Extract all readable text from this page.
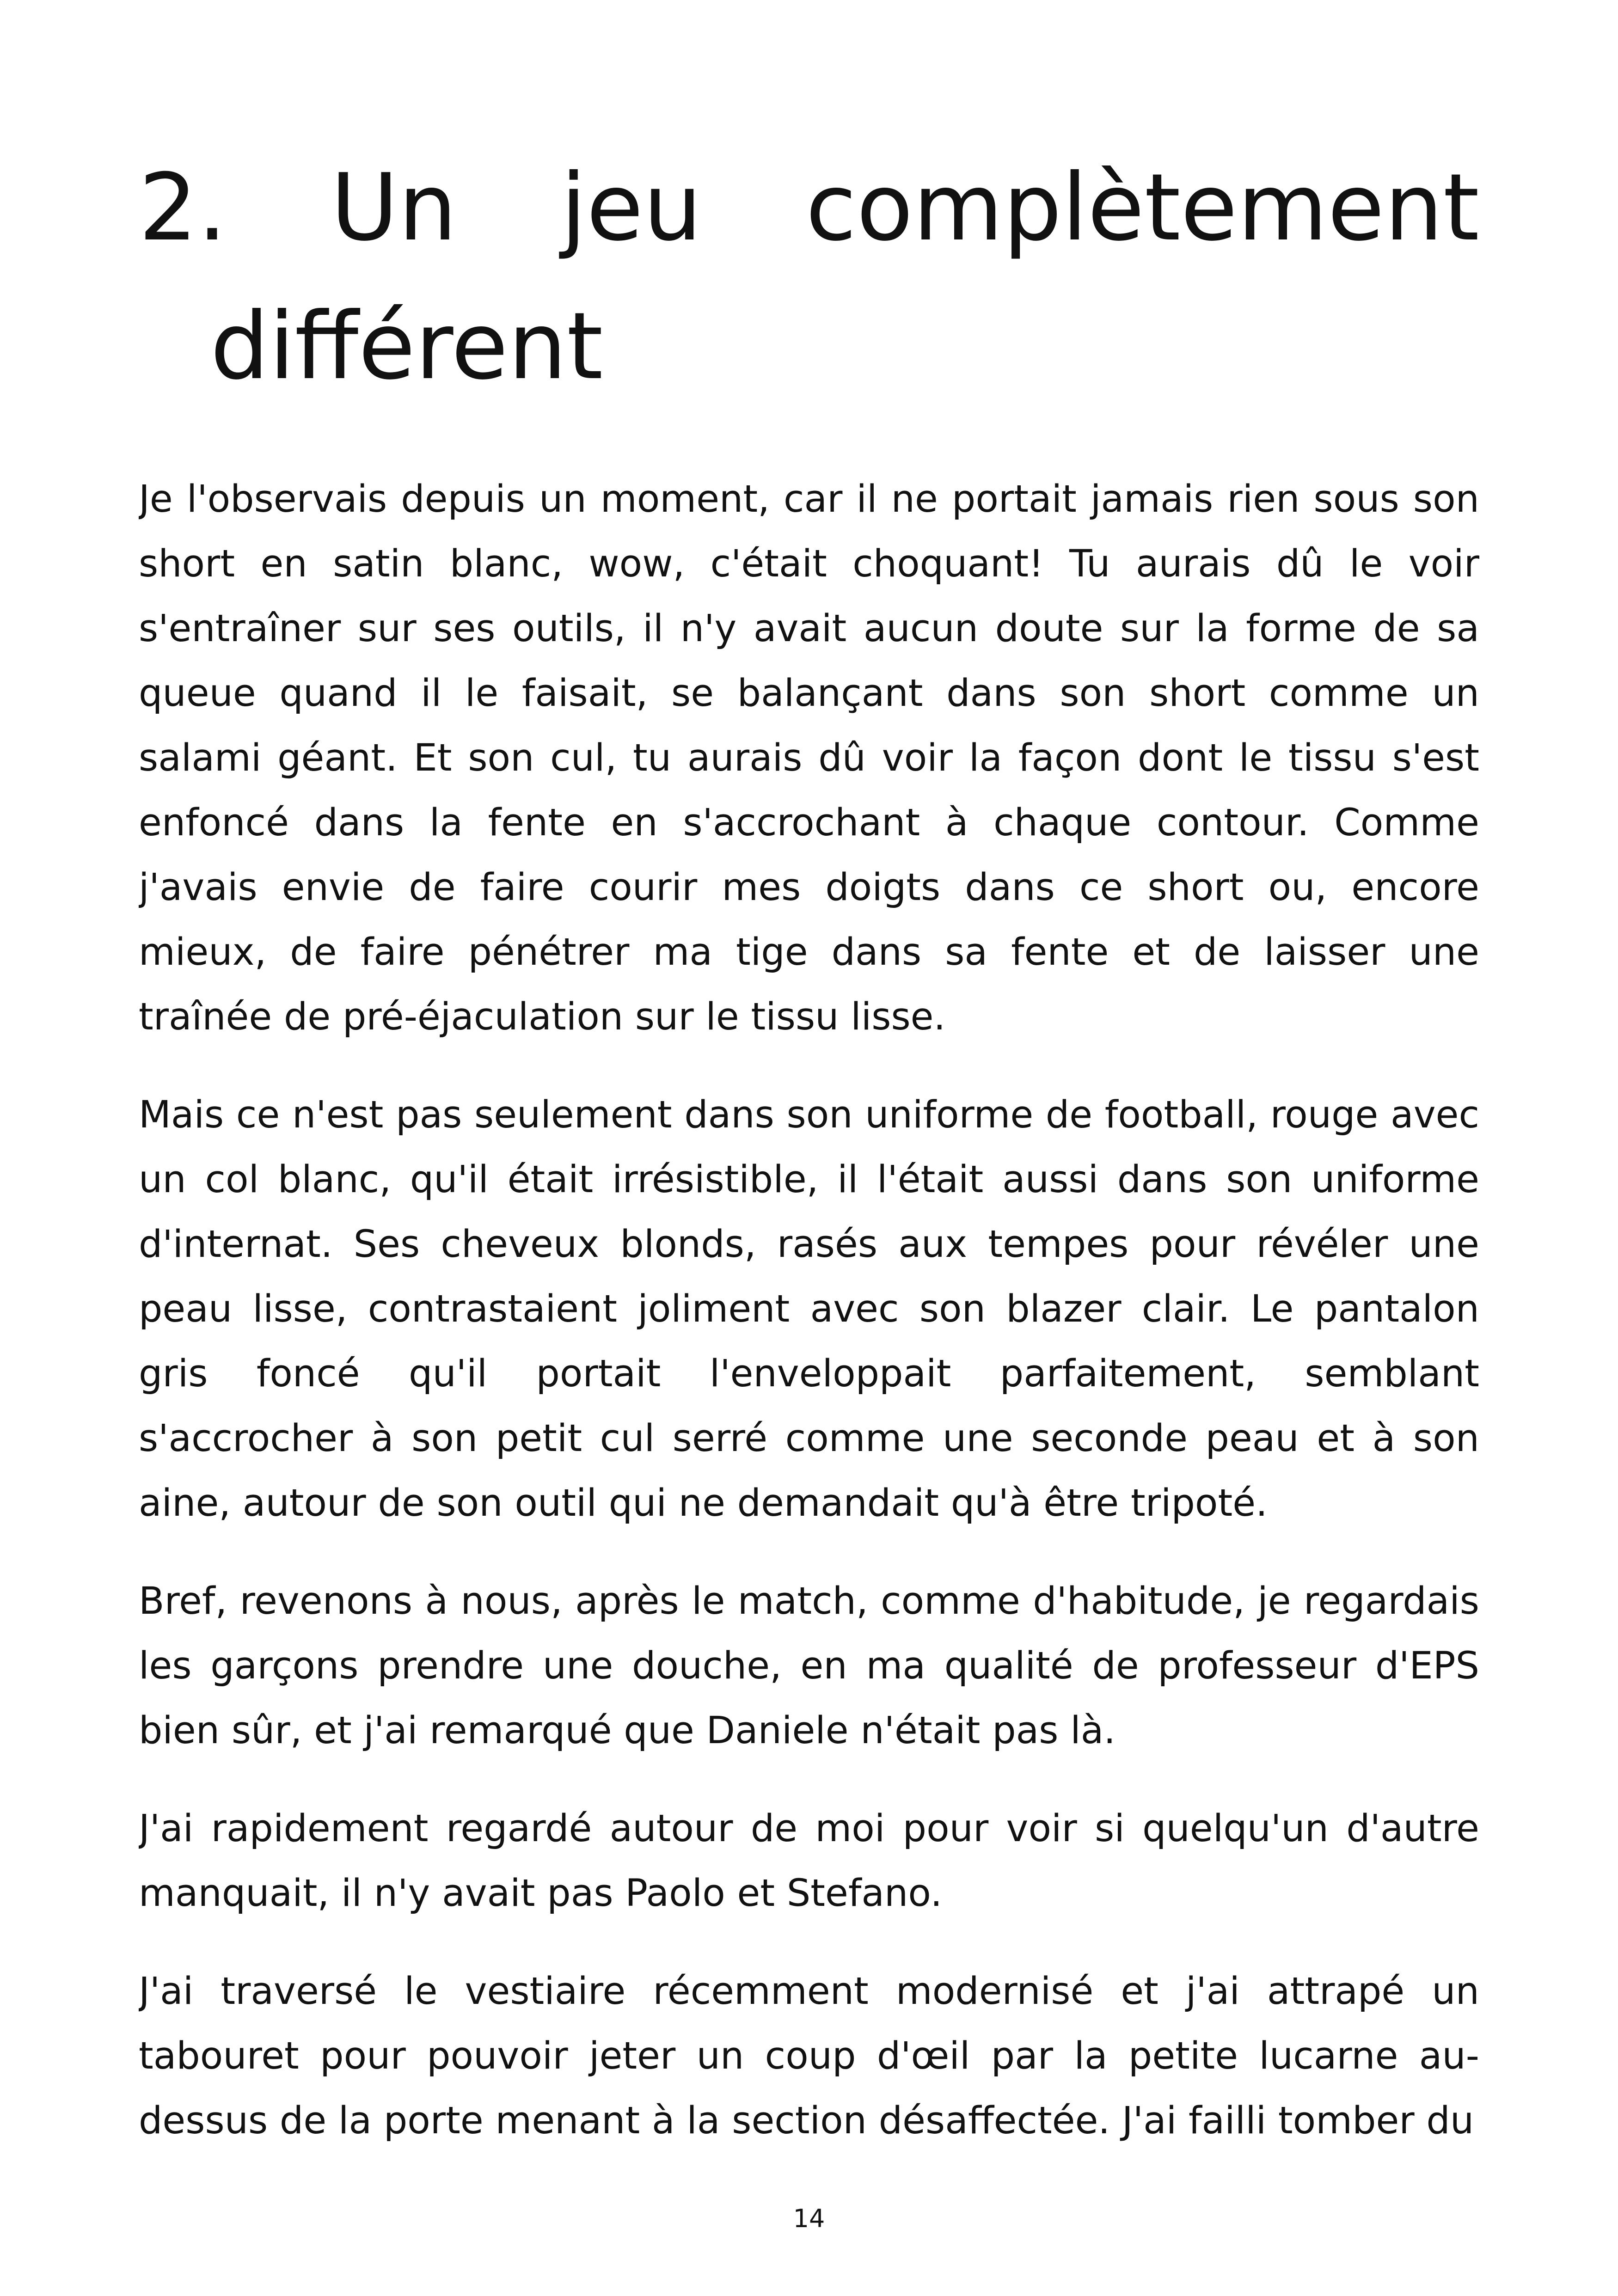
2. Un jeu complètement
différent

Je l'observais depuis un moment, car il ne portait jamais rien sous son short en satin blanc, wow, c'était choquant! Tu aurais dû le voir s'entraîner sur ses outils, il n'y avait aucun doute sur la forme de sa queue quand il le faisait, se balançant dans son short comme un salami géant. Et son cul, tu aurais dû voir la façon dont le tissu s'est enfoncé dans la fente en s'accrochant à chaque contour. Comme j'avais envie de faire courir mes doigts dans ce short ou, encore mieux, de faire pénétrer ma tige dans sa fente et de laisser une traînée de pré-éjaculation sur le tissu lisse.

Mais ce n'est pas seulement dans son uniforme de football, rouge avec un col blanc, qu'il était irrésistible, il l'était aussi dans son uniforme d'internat. Ses cheveux blonds, rasés aux tempes pour révéler une peau lisse, contrastaient joliment avec son blazer clair. Le pantalon gris foncé qu'il portait l'enveloppait parfaitement, semblant s'accrocher à son petit cul serré comme une seconde peau et à son aine, autour de son outil qui ne demandait qu'à être tripoté.

Bref, revenons à nous, après le match, comme d'habitude, je regardais les garçons prendre une douche, en ma qualité de professeur d'EPS bien sûr, et j'ai remarqué que Daniele n'était pas là.

J'ai rapidement regardé autour de moi pour voir si quelqu'un d'autre manquait, il n'y avait pas Paolo et Stefano.

J'ai traversé le vestiaire récemment modernisé et j'ai attrapé un tabouret pour pouvoir jeter un coup d'œil par la petite lucarne au-dessus de la porte menant à la section désaffectée. J'ai failli tomber du

14
